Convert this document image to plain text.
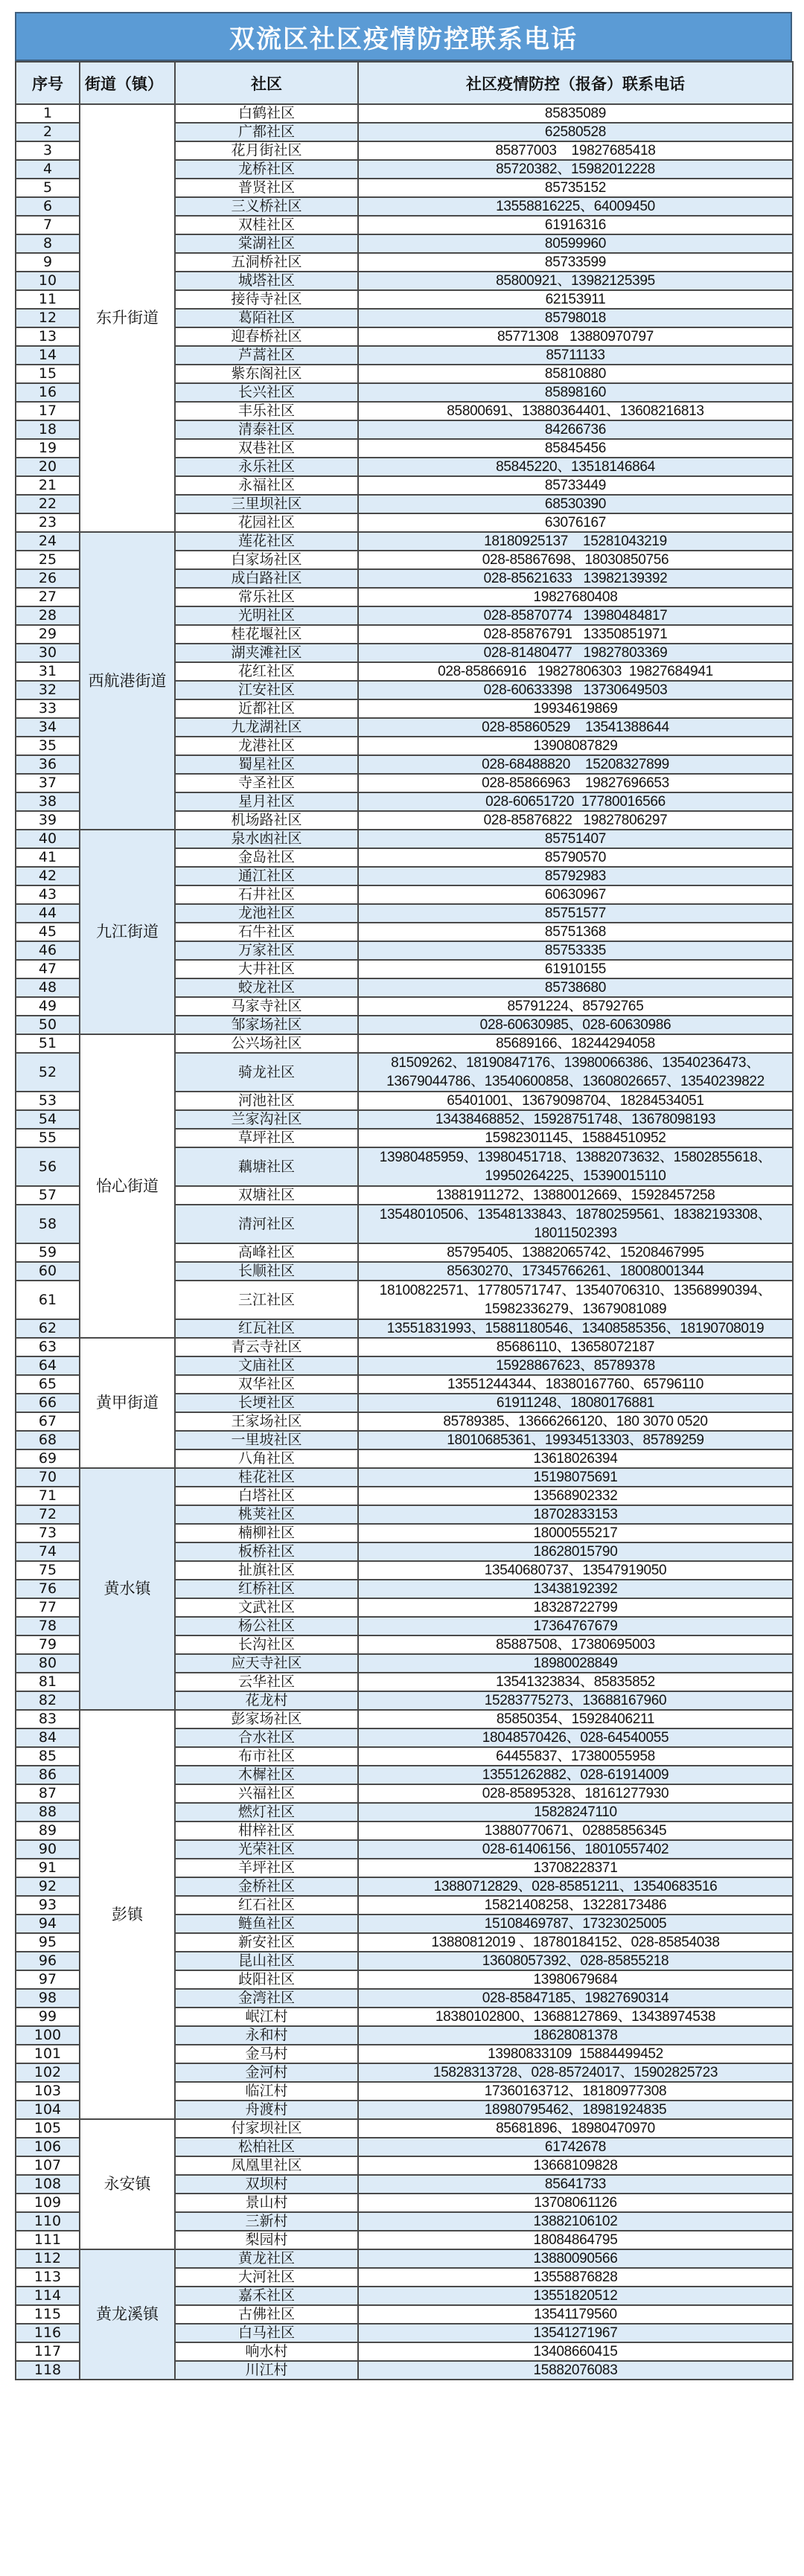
双流区社区疫情防控联系电话
序号	街道（镇）	社区	社区疫情防控（报备）联系电话
1	东升街道	白鹤社区	85835089
2		广都社区	62580528
3		花月街社区	85877003    19827685418
4		龙桥社区	85720382、15982012228
5		普贤社区	85735152
6		三义桥社区	13558816225、64009450
7		双桂社区	61916316
8		棠湖社区	80599960
9		五洞桥社区	85733599
10		城塔社区	85800921、13982125395
11		接待寺社区	62153911
12		葛陌社区	85798018
13		迎春桥社区	85771308   13880970797
14		芦蒿社区	85711133
15		紫东阁社区	85810880
16		长兴社区	85898160
17		丰乐社区	85800691、13880364401、13608216813
18		清泰社区	84266736
19		双巷社区	85845456
20		永乐社区	85845220、13518146864
21		永福社区	85733449
22		三里坝社区	68530390
23		花园社区	63076167
24	西航港街道	莲花社区	18180925137    15281043219
25		白家场社区	028-85867698、18030850756
26		成白路社区	028-85621633   13982139392
27		常乐社区	19827680408
28		光明社区	028-85870774   13980484817
29		桂花堰社区	028-85876791   13350851971
30		湖夹滩社区	028-81480477   19827803369
31		花红社区	028-85866916   19827806303  19827684941
32		江安社区	028-60633398   13730649503
33		近都社区	19934619869
34		九龙湖社区	028-85860529    13541388644
35		龙港社区	13908087829
36		蜀星社区	028-68488820    15208327899
37		寺圣社区	028-85866963    19827696653
38		星月社区	028-60651720  17780016566
39		机场路社区	028-85876822   19827806297
40	九江街道	泉水凼社区	85751407
41		金岛社区	85790570
42		通江社区	85792983
43		石井社区	60630967
44		龙池社区	85751577
45		石牛社区	85751368
46		万家社区	85753335
47		大井社区	61910155
48		蛟龙社区	85738680
49		马家寺社区	85791224、85792765
50		邹家场社区	028-60630985、028-60630986
51	怡心街道	公兴场社区	85689166、18244294058
52		骑龙社区	81509262、18190847176、13980066386、13540236473、13679044786、13540600858、13608026657、13540239822
53		河池社区	65401001、13679098704、18284534051
54		兰家沟社区	13438468852、15928751748、13678098193
55		草坪社区	15982301145、15884510952
56		藕塘社区	13980485959、13980451718、13882073632、15802855618、19950264225、15390015110
57		双塘社区	13881911272、13880012669、15928457258
58		清河社区	13548010506、13548133843、18780259561、18382193308、18011502393
59		高峰社区	85795405、13882065742、15208467995
60		长顺社区	85630270、17345766261、18008001344
61		三江社区	18100822571、17780571747、13540706310、13568990394、15982336279、13679081089
62		红瓦社区	13551831993、15881180546、13408585356、18190708019
63	黄甲街道	青云寺社区	85686110、13658072187
64		文庙社区	15928867623、85789378
65		双华社区	13551244344、18380167760、65796110
66		长埂社区	61911248、18080176881
67		王家场社区	85789385、13666266120、180 3070 0520
68		一里坡社区	18010685361、19934513303、85789259
69		八角社区	13618026394
70	黄水镇	桂花社区	15198075691
71		白塔社区	13568902332
72		桃荚社区	18702833153
73		楠柳社区	18000555217
74		板桥社区	18628015790
75		扯旗社区	13540680737、13547919050
76		红桥社区	13438192392
77		文武社区	18328722799
78		杨公社区	17364767679
79		长沟社区	85887508、17380695003
80		应天寺社区	18980028849
81		云华社区	13541323834、85835852
82		花龙村	15283775273、13688167960
83	彭镇	彭家场社区	85850354、15928406211
84		合水社区	18048570426、028-64540055
85		布市社区	64455837、17380055958
86		木樨社区	13551262882、028-61914009
87		兴福社区	028-85895328、18161277930
88		燃灯社区	15828247110
89		柑梓社区	13880770671、02885856345
90		光荣社区	028-61406156、18010557402
91		羊坪社区	13708228371
92		金桥社区	13880712829、028-85851211、13540683516
93		红石社区	15821408258、13228173486
94		鲢鱼社区	15108469787、17323025005
95		新安社区	13880812019 、18780184152、028-85854038
96		昆山社区	13608057392、028-85855218
97		歧阳社区	13980679684
98		金湾社区	028-85847185、19827690314
99		岷江村	18380102800、13688127869、13438974538
100		永和村	18628081378
101		金马村	13980833109  15884499452
102		金河村	15828313728、028-85724017、15902825723
103		临江村	17360163712、18180977308
104		舟渡村	18980795462、18981924835
105	永安镇	付家坝社区	85681896、18980470970
106		松柏社区	61742678
107		凤凰里社区	13668109828
108		双坝村	85641733
109		景山村	13708061126
110		三新村	13882106102
111		梨园村	18084864795
112	黄龙溪镇	黄龙社区	13880090566
113		大河社区	13558876828
114		嘉禾社区	13551820512
115		古佛社区	13541179560
116		白马社区	13541271967
117		响水村	13408660415
118		川江村	15882076083
